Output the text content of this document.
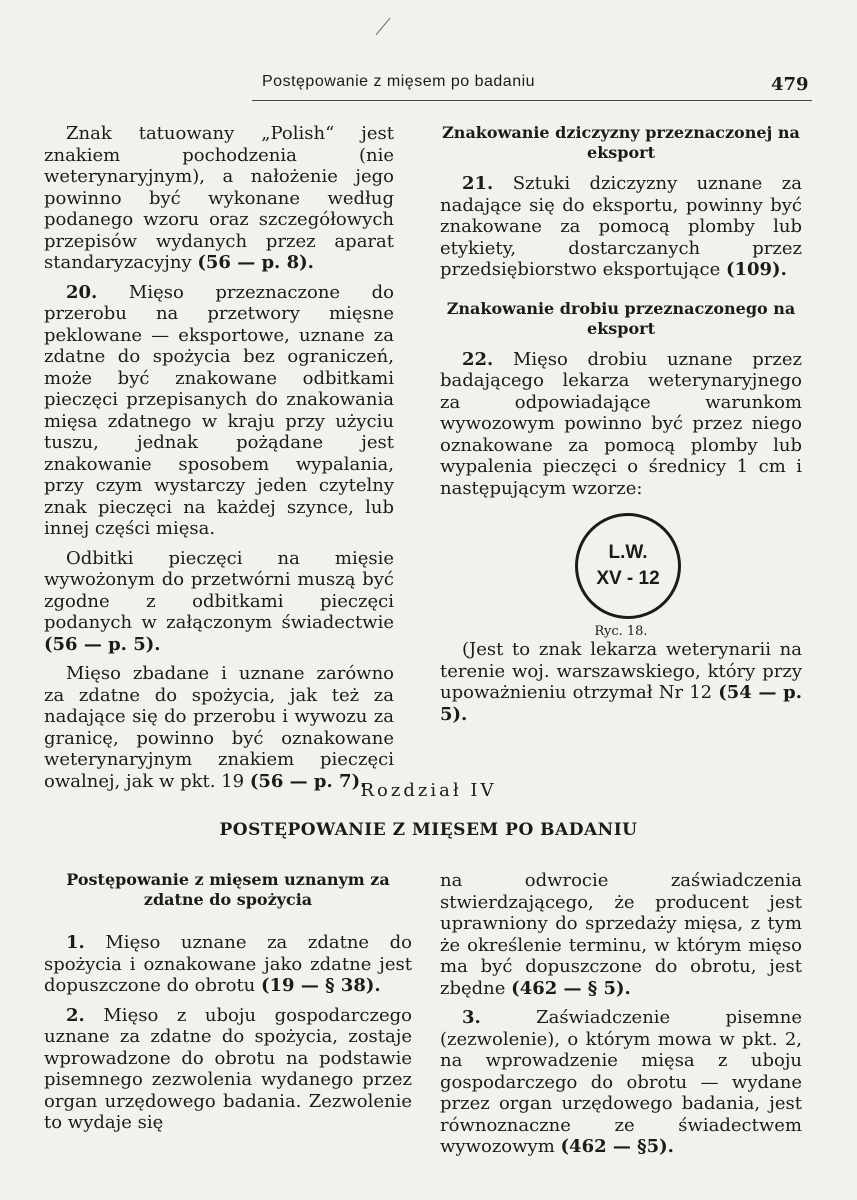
Postępowanie z mięsem po badaniu	479

Znak tatuowany „Polish“ jest znakiem pochodzenia (nie weterynaryjnym), a nałożenie jego powinno być wykonane według podanego wzoru oraz szczegółowych przepisów wydanych przez aparat standaryzacyjny (56 — p. 8).

20. Mięso przeznaczone do przerobu na przetwory mięsne peklowane — eksportowe, uznane za zdatne do spożycia bez ograniczeń, może być znakowane odbitkami pieczęci przepisanych do znakowania mięsa zdatnego w kraju przy użyciu tuszu, jednak pożądane jest znakowanie sposobem wypalania, przy czym wystarczy jeden czytelny znak pieczęci na każdej szynce, lub innej części mięsa.

Odbitki pieczęci na mięsie wywożonym do przetwórni muszą być zgodne z odbitkami pieczęci podanych w załączonym świadectwie (56 — p. 5).

Mięso zbadane i uznane zarówno za zdatne do spożycia, jak też za nadające się do przerobu i wywozu za granicę, powinno być oznakowane weterynaryjnym znakiem pieczęci owalnej, jak w pkt. 19 (56 — p. 7).

Znakowanie dziczyzny przeznaczonej na eksport

21. Sztuki dziczyzny uznane za nadające się do eksportu, powinny być znakowane za pomocą plomby lub etykiety, dostarczanych przez przedsiębiorstwo eksportujące (109).

Znakowanie drobiu przeznaczonego na eksport

22. Mięso drobiu uznane przez badającego lekarza weterynaryjnego za odpowiadające warunkom wywozowym powinno być przez niego oznakowane za pomocą plomby lub wypalenia pieczęci o średnicy 1 cm i następującym wzorze:

L.W.
XV - 12
Ryc. 18.

(Jest to znak lekarza weterynarii na terenie woj. warszawskiego, który przy upoważnieniu otrzymał Nr 12 (54 — p. 5).

Rozdział IV
POSTĘPOWANIE Z MIĘSEM PO BADANIU
Postępowanie z mięsem uznanym za zdatne do spożycia

1. Mięso uznane za zdatne do spożycia i oznakowane jako zdatne jest dopuszczone do obrotu (19 — § 38).

2. Mięso z uboju gospodarczego uznane za zdatne do spożycia, zostaje wprowadzone do obrotu na podstawie pisemnego zezwolenia wydanego przez organ urzędowego badania. Zezwolenie to wydaje się

na odwrocie zaświadczenia stwierdzającego, że producent jest uprawniony do sprzedaży mięsa, z tym że określenie terminu, w którym mięso ma być dopuszczone do obrotu, jest zbędne (462 — § 5).

3.	Zaświadczenie pisemne (zezwolenie), o którym mowa w pkt. 2, na wprowadzenie mięsa z uboju gospodarczego do obrotu — wydane przez organ urzędowego badania, jest równoznaczne ze świadectwem wywozowym (462 — §5).
